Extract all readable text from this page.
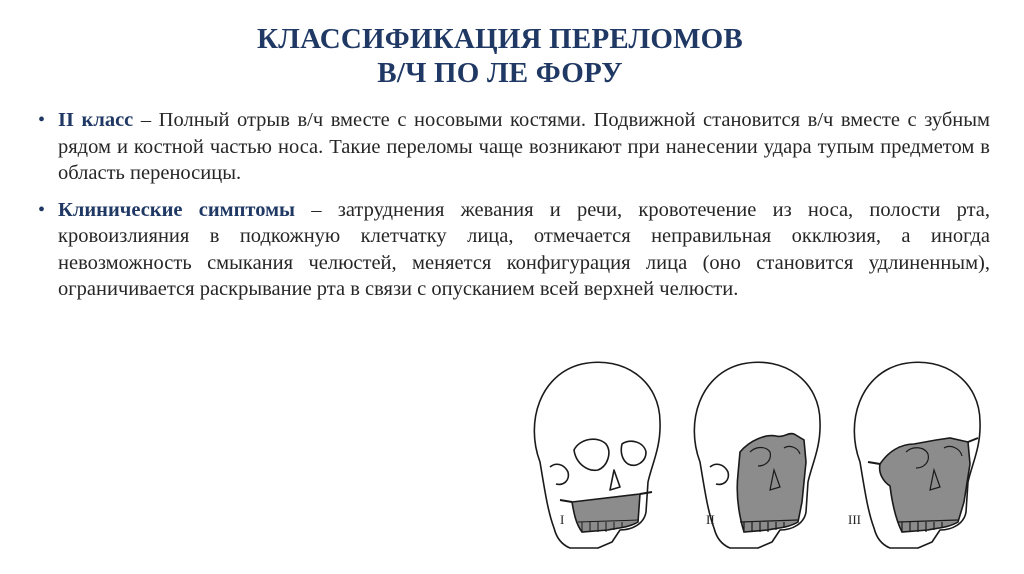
КЛАССИФИКАЦИЯ ПЕРЕЛОМОВ
В/Ч ПО ЛЕ ФОРУ
• II класс – Полный отрыв в/ч вместе с носовыми костями. Подвижной становится в/ч вместе с зубным рядом и костной частью носа. Такие переломы чаще возникают при нанесении удара тупым предметом в область переносицы.
• Клинические симптомы – затруднения жевания и речи, кровотечение из носа, полости рта, кровоизлияния в подкожную клетчатку лица, отмечается неправильная окклюзия, а иногда невозможность смыкания челюстей, меняется конфигурация лица (оно становится удлиненным), ограничивается раскрывание рта в связи с опусканием всей верхней челюсти.
I	II	III
